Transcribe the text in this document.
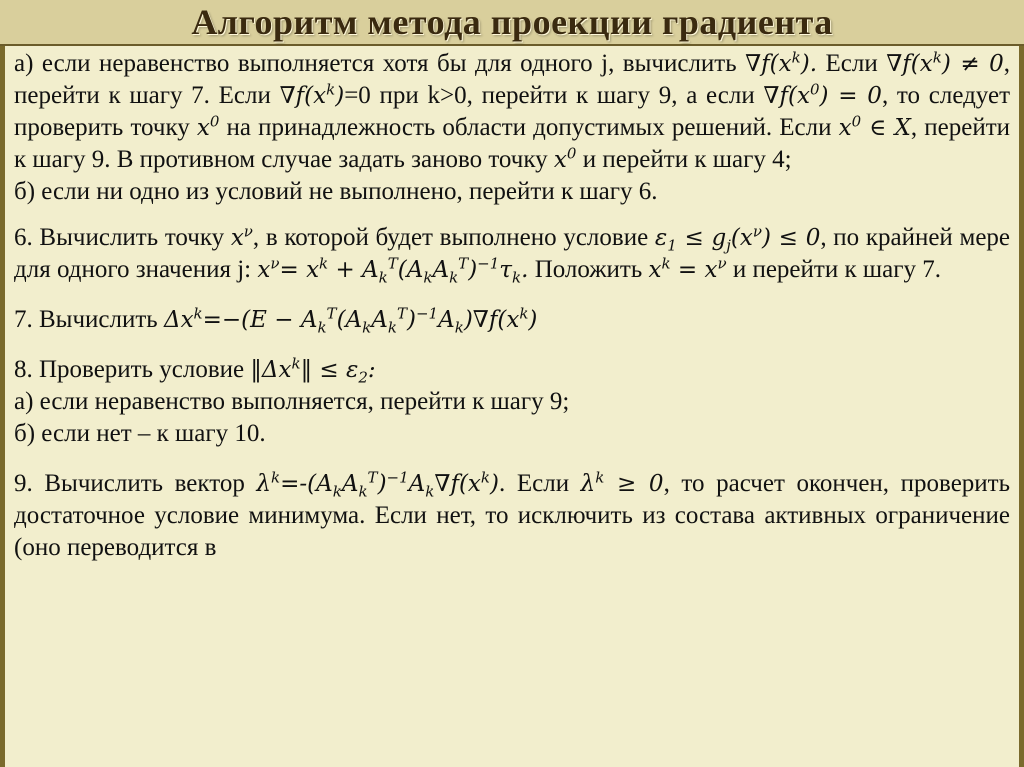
Алгоритм метода проекции градиента

а) если неравенство выполняется хотя бы для одного j, вычислить $\nabla f(x^k)$. Если $\nabla f(x^k) \ne 0$, перейти к шагу 7. Если $\nabla f(x^k)=0$ при k>0, перейти к шагу 9, а если $\nabla f(x^0) = 0$, то следует проверить точку $x^0$ на принадлежность области допустимых решений. Если $x^0$ ∈ X, перейти к шагу 9. В противном случае задать заново точку $x^0$ и перейти к шагу 4;

б) если ни одно из условий не выполнено, перейти к шагу 6.

6. Вычислить точку $x^\nu$, в которой будет выполнено условие $\varepsilon_1 \le g_j(x^\nu) \le 0$, по крайней мере для одного значения j: $x^\nu= x^k + A_k^T(A_kA_k^T)^{-1}\tau_k$. Положить $x^k = x^\nu$ и перейти к шагу 7.

7. Вычислить $\Delta x^k=-(E - A_k^T(A_kA_k^T)^{-1}A_k)\nabla f(x^k)$

8. Проверить условие $‖\Delta x^k‖ \le \varepsilon_2$:

а) если неравенство выполняется, перейти к шагу 9;

б) если нет – к шагу 10.

9. Вычислить вектор $\lambda^k=-(A_kA_k^T)^{-1}A_k\nabla f(x^k)$. Если $\lambda^k \ge 0$, то расчет окончен, проверить достаточное условие минимума. Если нет, то исключить из состава активных ограничение (оно переводится в
